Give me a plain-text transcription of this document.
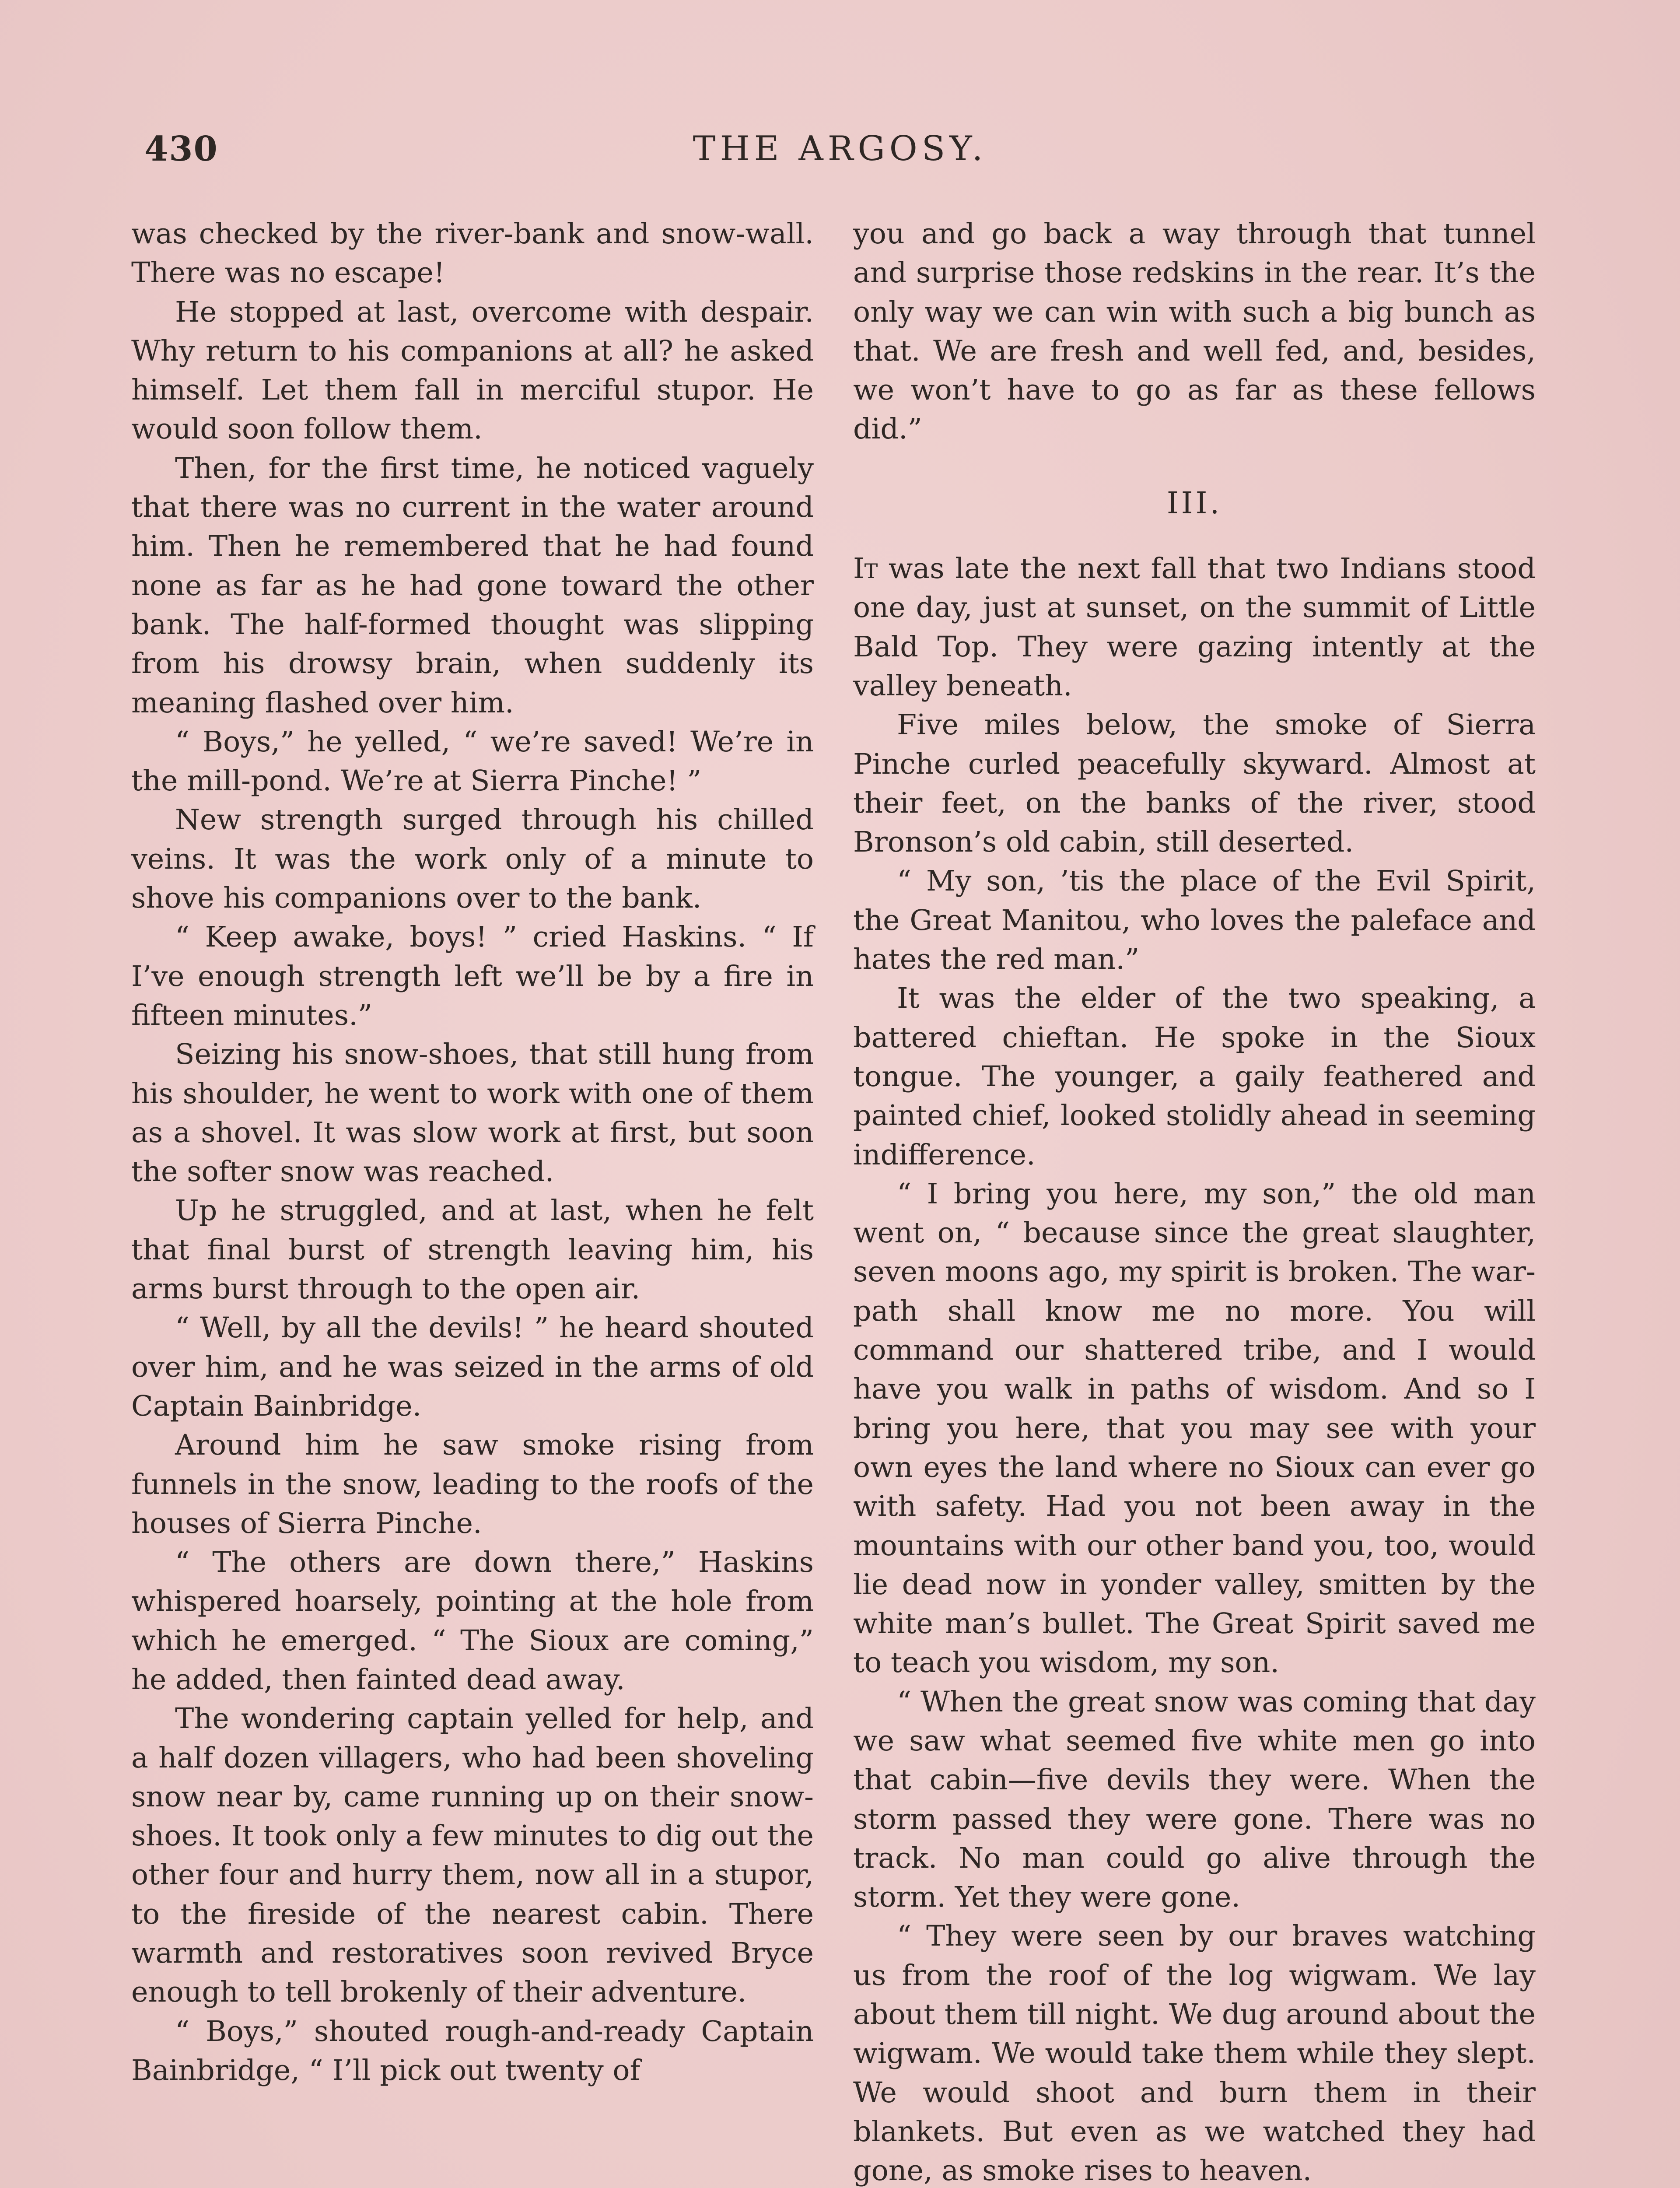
430	THE ARGOSY.

was checked by the river-bank and snow-wall. There was no escape!

He stopped at last, overcome with despair. Why return to his companions at all? he asked himself. Let them fall in merciful stupor. He would soon follow them.

Then, for the first time, he noticed vaguely that there was no current in the water around him. Then he remembered that he had found none as far as he had gone toward the other bank. The half-formed thought was slipping from his drowsy brain, when suddenly its meaning flashed over him.

“ Boys,” he yelled, “ we’re saved! We’re in the mill-pond. We’re at Sierra Pinche! ”

New strength surged through his chilled veins. It was the work only of a minute to shove his companions over to the bank.

“ Keep awake, boys! ” cried Haskins. “ If I’ve enough strength left we’ll be by a fire in fifteen minutes.”

Seizing his snow-shoes, that still hung from his shoulder, he went to work with one of them as a shovel. It was slow work at first, but soon the softer snow was reached.

Up he struggled, and at last, when he felt that final burst of strength leaving him, his arms burst through to the open air.

“ Well, by all the devils! ” he heard shouted over him, and he was seized in the arms of old Captain Bainbridge.

Around him he saw smoke rising from funnels in the snow, leading to the roofs of the houses of Sierra Pinche.

“ The others are down there,” Haskins whispered hoarsely, pointing at the hole from which he emerged. “ The Sioux are coming,” he added, then fainted dead away.

The wondering captain yelled for help, and a half dozen villagers, who had been shoveling snow near by, came running up on their snow-shoes. It took only a few minutes to dig out the other four and hurry them, now all in a stupor, to the fireside of the nearest cabin. There warmth and restoratives soon revived Bryce enough to tell brokenly of their adventure.

“ Boys,” shouted rough-and-ready Captain Bainbridge, “ I’ll pick out twenty of

you and go back a way through that tunnel and surprise those redskins in the rear. It’s the only way we can win with such a big bunch as that. We are fresh and well fed, and, besides, we won’t have to go as far as these fellows did.”

III.

It was late the next fall that two Indians stood one day, just at sunset, on the summit of Little Bald Top. They were gazing intently at the valley beneath.

Five miles below, the smoke of Sierra Pinche curled peacefully skyward. Almost at their feet, on the banks of the river, stood Bronson’s old cabin, still deserted.

“ My son, ’tis the place of the Evil Spirit, the Great Manitou, who loves the paleface and hates the red man.”

It was the elder of the two speaking, a battered chieftan. He spoke in the Sioux tongue. The younger, a gaily feathered and painted chief, looked stolidly ahead in seeming indifference.

“ I bring you here, my son,” the old man went on, “ because since the great slaughter, seven moons ago, my spirit is broken. The war-path shall know me no more. You will command our shattered tribe, and I would have you walk in paths of wisdom. And so I bring you here, that you may see with your own eyes the land where no Sioux can ever go with safety. Had you not been away in the mountains with our other band you, too, would lie dead now in yonder valley, smitten by the white man’s bullet. The Great Spirit saved me to teach you wisdom, my son.

“ When the great snow was coming that day we saw what seemed five white men go into that cabin—five devils they were. When the storm passed they were gone. There was no track. No man could go alive through the storm. Yet they were gone.

“ They were seen by our braves watching us from the roof of the log wigwam. We lay about them till night. We dug around about the wigwam. We would take them while they slept. We would shoot and burn them in their blankets. But even as we watched they had gone, as smoke rises to heaven.
